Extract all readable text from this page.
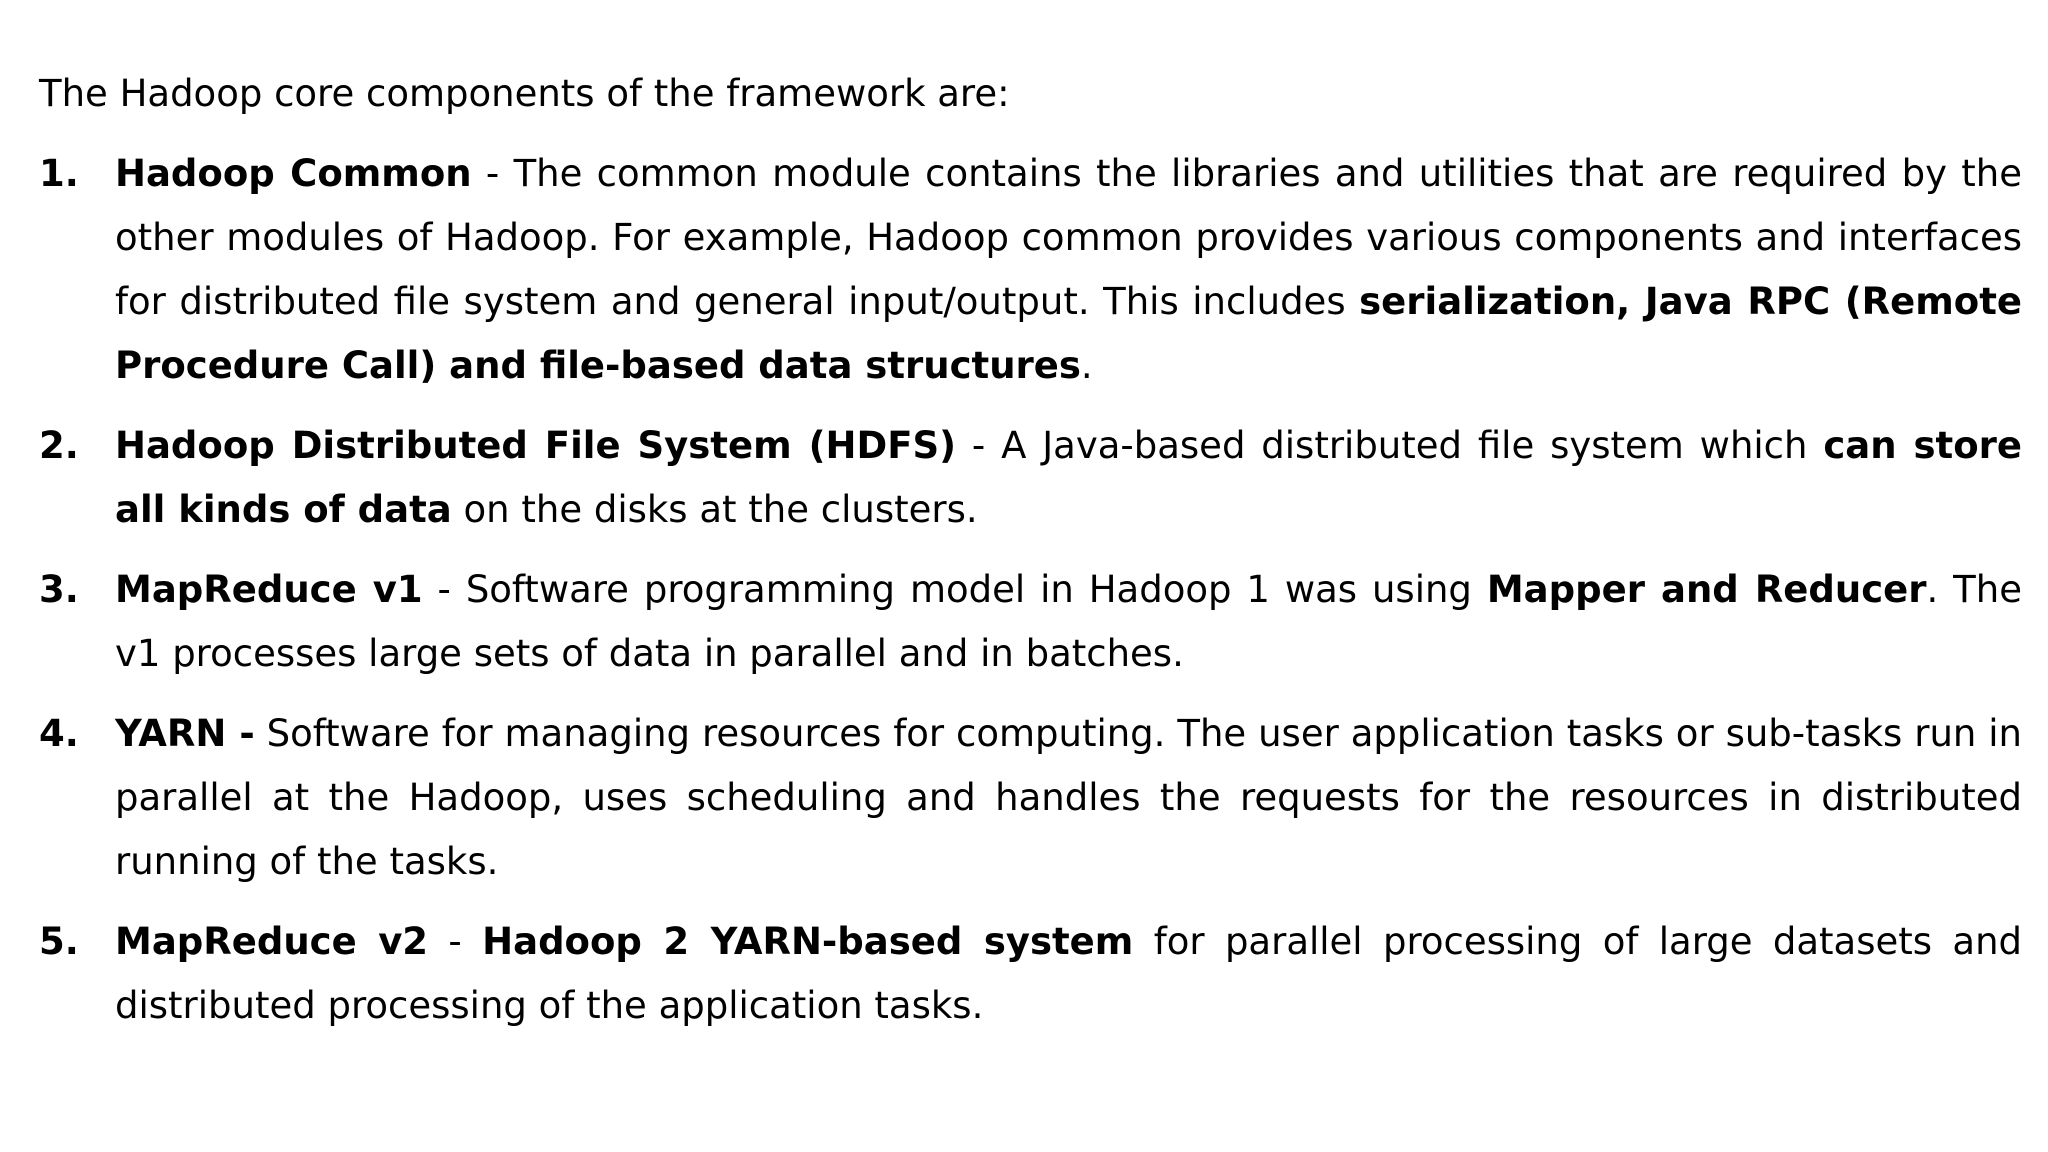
The Hadoop core components of the framework are:

1. Hadoop Common - The common module contains the libraries and utilities that are required by the other modules of Hadoop. For example, Hadoop common provides various components and interfaces for distributed file system and general input/output. This includes serialization, Java RPC (Remote Procedure Call) and file-based data structures.
2. Hadoop Distributed File System (HDFS) - A Java-based distributed file system which can store all kinds of data on the disks at the clusters.
3. MapReduce v1 - Software programming model in Hadoop 1 was using Mapper and Reducer. The v1 processes large sets of data in parallel and in batches.
4. YARN - Software for managing resources for computing. The user application tasks or sub-tasks run in parallel at the Hadoop, uses scheduling and handles the requests for the resources in distributed running of the tasks.
5. MapReduce v2 - Hadoop 2 YARN-based system for parallel processing of large datasets and distributed processing of the application tasks.
